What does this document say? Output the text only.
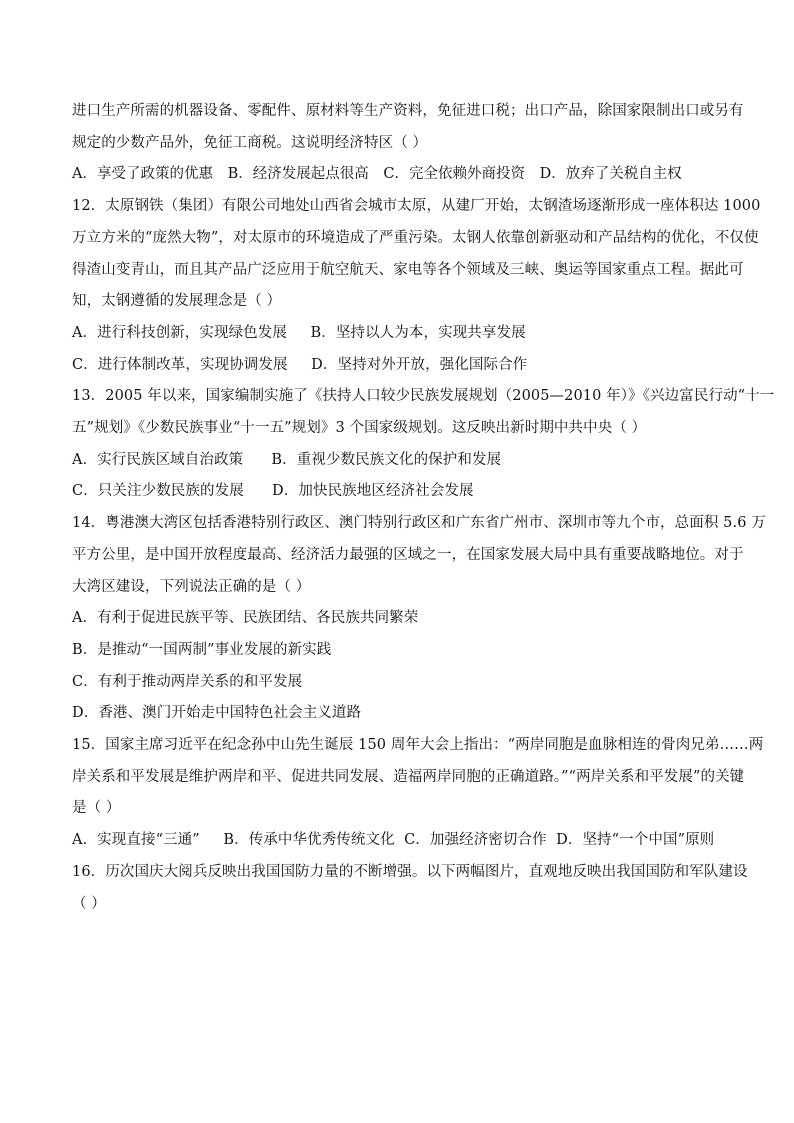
进口生产所需的机器设备、零配件、原材料等生产资料，免征进口税；出口产品，除国家限制出口或另有
规定的少数产品外，免征工商税。这说明经济特区（ ）
A．享受了政策的优惠 B．经济发展起点很高 C．完全依赖外商投资 D．放弃了关税自主权
12．太原钢铁（集团）有限公司地处山西省会城市太原，从建厂开始，太钢渣场逐渐形成一座体积达 1000
万立方米的“庞然大物”，对太原市的环境造成了严重污染。太钢人依靠创新驱动和产品结构的优化，不仅使
得渣山变青山，而且其产品广泛应用于航空航天、家电等各个领域及三峡、奥运等国家重点工程。据此可
知，太钢遵循的发展理念是（ ）
A．进行科技创新，实现绿色发展     B．坚持以人为本，实现共享发展
C．进行体制改革，实现协调发展     D．坚持对外开放，强化国际合作
13．2005 年以来，国家编制实施了《扶持人口较少民族发展规划（2005—2010 年）》《兴边富民行动“十一
五”规划》《少数民族事业“十一五”规划》3 个国家级规划。这反映出新时期中共中央（ ）
A．实行民族区域自治政策      B．重视少数民族文化的保护和发展
C．只关注少数民族的发展      D．加快民族地区经济社会发展
14．粤港澳大湾区包括香港特别行政区、澳门特别行政区和广东省广州市、深圳市等九个市，总面积 5.6 万
平方公里，是中国开放程度最高、经济活力最强的区域之一，在国家发展大局中具有重要战略地位。对于
大湾区建设，下列说法正确的是（ ）
A．有利于促进民族平等、民族团结、各民族共同繁荣
B．是推动“一国两制”事业发展的新实践
C．有利于推动两岸关系的和平发展
D．香港、澳门开始走中国特色社会主义道路
15．国家主席习近平在纪念孙中山先生诞辰 150 周年大会上指出：“两岸同胞是血脉相连的骨肉兄弟……两
岸关系和平发展是维护两岸和平、促进共同发展、造福两岸同胞的正确道路。”“两岸关系和平发展”的关键
是（ ）
A．实现直接“三通”     B．传承中华优秀传统文化  C．加强经济密切合作  D．坚持“一个中国”原则
16．历次国庆大阅兵反映出我国国防力量的不断增强。以下两幅图片，直观地反映出我国国防和军队建设
（ ）
